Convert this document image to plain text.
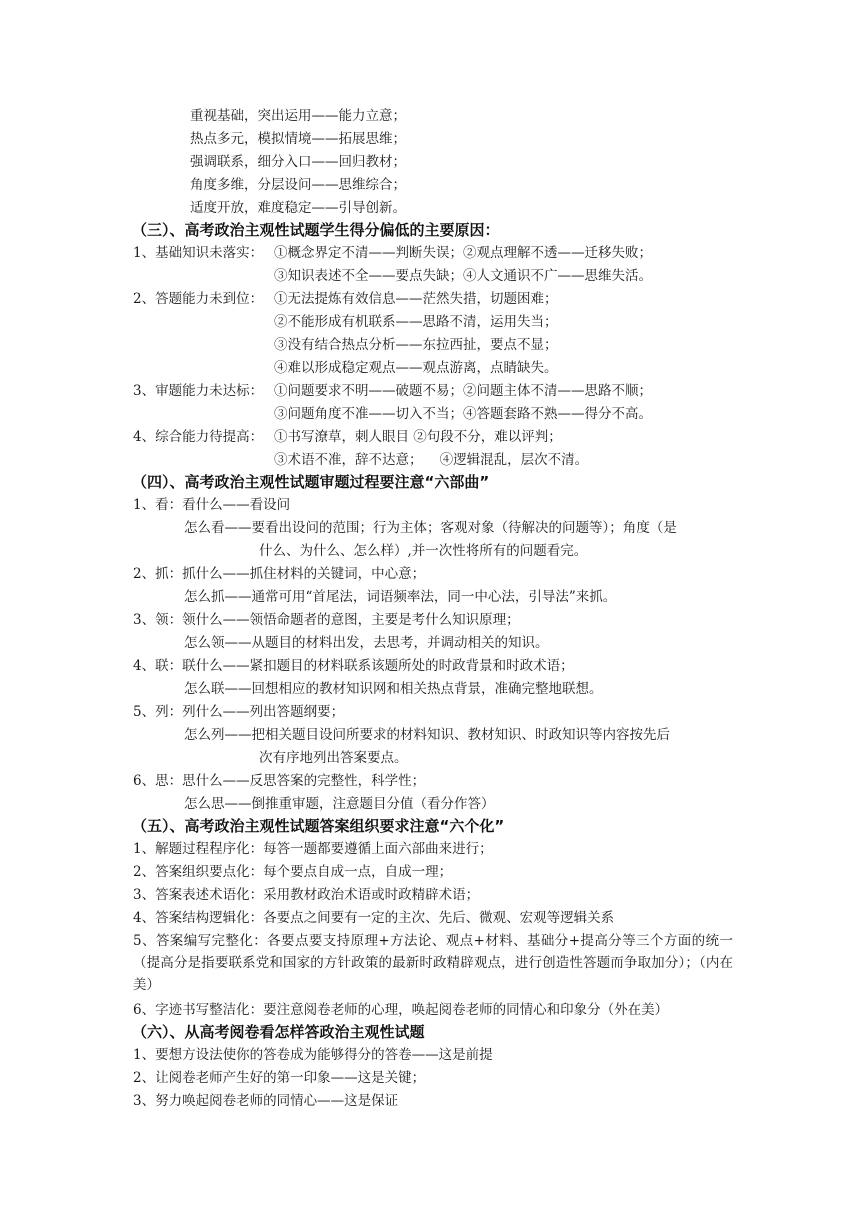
重视基础，突出运用——能力立意；
热点多元，模拟情境——拓展思维；
强调联系，细分入口——回归教材；
角度多维，分层设问——思维综合；
适度开放，难度稳定——引导创新。
（三）、高考政治主观性试题学生得分偏低的主要原因：
1、基础知识未落实： ①概念界定不清——判断失误；②观点理解不透——迁移失败；
③知识表述不全——要点失缺；④人文通识不广——思维失活。
2、答题能力未到位： ①无法提炼有效信息——茫然失措，切题困难；
②不能形成有机联系——思路不清，运用失当；
③没有结合热点分析——东拉西扯，要点不显；
④难以形成稳定观点——观点游离，点睛缺失。
3、审题能力未达标： ①问题要求不明——破题不易；②问题主体不清——思路不顺；
③问题角度不准——切入不当；④答题套路不熟——得分不高。
4、综合能力待提高： ①书写潦草，刺人眼目 ②句段不分，难以评判；
③术语不准，辞不达意；    ④逻辑混乱，层次不清。
（四）、高考政治主观性试题审题过程要注意“六部曲”
1、看：看什么——看设问
怎么看——要看出设问的范围；行为主体；客观对象（待解决的问题等）；角度（是
什么、为什么、怎么样）,并一次性将所有的问题看完。
2、抓：抓什么——抓住材料的关键词，中心意；
怎么抓——通常可用“首尾法，词语频率法，同一中心法，引导法”来抓。
3、领：领什么——领悟命题者的意图，主要是考什么知识原理；
怎么领——从题目的材料出发，去思考，并调动相关的知识。
4、联：联什么——紧扣题目的材料联系该题所处的时政背景和时政术语；
怎么联——回想相应的教材知识网和相关热点背景，准确完整地联想。
5、列：列什么——列出答题纲要；
怎么列——把相关题目设问所要求的材料知识、教材知识、时政知识等内容按先后
次有序地列出答案要点。
6、思：思什么——反思答案的完整性，科学性；
怎么思——倒推重审题，注意题目分值（看分作答）
（五）、高考政治主观性试题答案组织要求注意“六个化”
1、解题过程程序化：每答一题都要遵循上面六部曲来进行；
2、答案组织要点化：每个要点自成一点，自成一理；
3、答案表述术语化：采用教材政治术语或时政精辟术语；
4、答案结构逻辑化：各要点之间要有一定的主次、先后、微观、宏观等逻辑关系
5、答案编写完整化：各要点要支持原理+方法论、观点+材料、基础分+提高分等三个方面的统一（提高分是指要联系党和国家的方针政策的最新时政精辟观点，进行创造性答题而争取加分）；（内在美）
6、字迹书写整洁化：要注意阅卷老师的心理，唤起阅卷老师的同情心和印象分（外在美）
（六）、从高考阅卷看怎样答政治主观性试题
1、要想方设法使你的答卷成为能够得分的答卷——这是前提
2、让阅卷老师产生好的第一印象——这是关键；
3、努力唤起阅卷老师的同情心——这是保证
